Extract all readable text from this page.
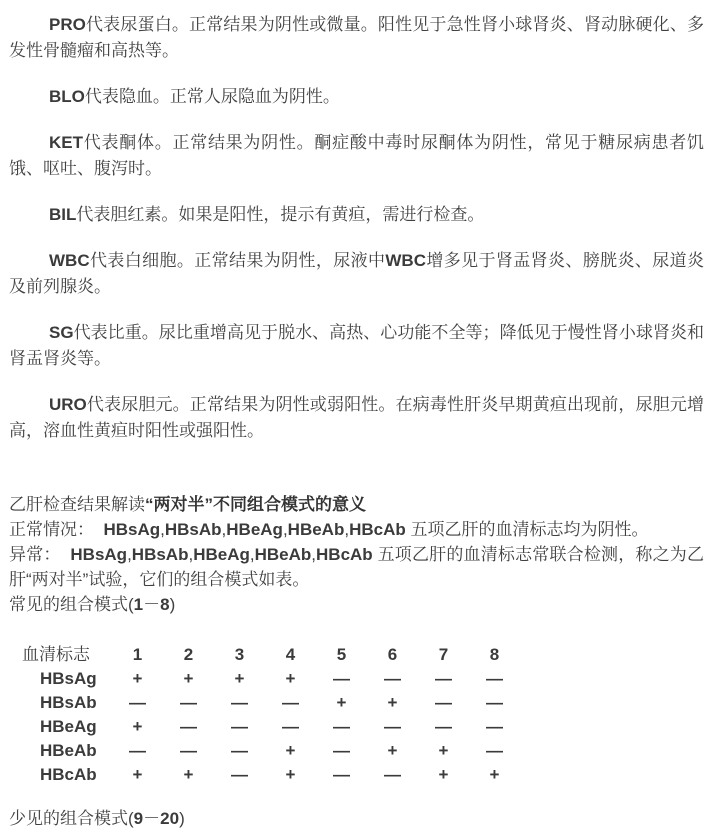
PRO代表尿蛋白。正常结果为阴性或微量。阳性见于急性肾小球肾炎、肾动脉硬化、多发性骨髓瘤和高热等。

BLO代表隐血。正常人尿隐血为阴性。

KET代表酮体。正常结果为阴性。酮症酸中毒时尿酮体为阴性，常见于糖尿病患者饥饿、呕吐、腹泻时。

BIL代表胆红素。如果是阳性，提示有黄疸，需进行检查。

WBC代表白细胞。正常结果为阴性，尿液中WBC增多见于肾盂肾炎、膀胱炎、尿道炎及前列腺炎。

SG代表比重。尿比重增高见于脱水、高热、心功能不全等；降低见于慢性肾小球肾炎和肾盂肾炎等。

URO代表尿胆元。正常结果为阴性或弱阳性。在病毒性肝炎早期黄疸出现前，尿胆元增高，溶血性黄疸时阳性或强阳性。

乙肝检查结果解读“两对半”不同组合模式的意义
正常情况：  HBsAg,HBsAb,HBeAg,HBeAb,HBcAb 五项乙肝的血清标志均为阴性。
异常：  HBsAg,HBsAb,HBeAg,HBeAb,HBcAb 五项乙肝的血清标志常联合检测，称之为乙肝“两对半”试验，它们的组合模式如表。
常见的组合模式(1－8)
血清标志	1	2	3	4	5	6	7	8
HBsAg	+	+	+	+	—	—	—	—
HBsAb	—	—	—	—	+	+	—	—
HBeAg	+	—	—	—	—	—	—	—
HBeAb	—	—	—	+	—	+	+	—
HBcAb	+	+	—	+	—	—	+	+
少见的组合模式(9－20)
